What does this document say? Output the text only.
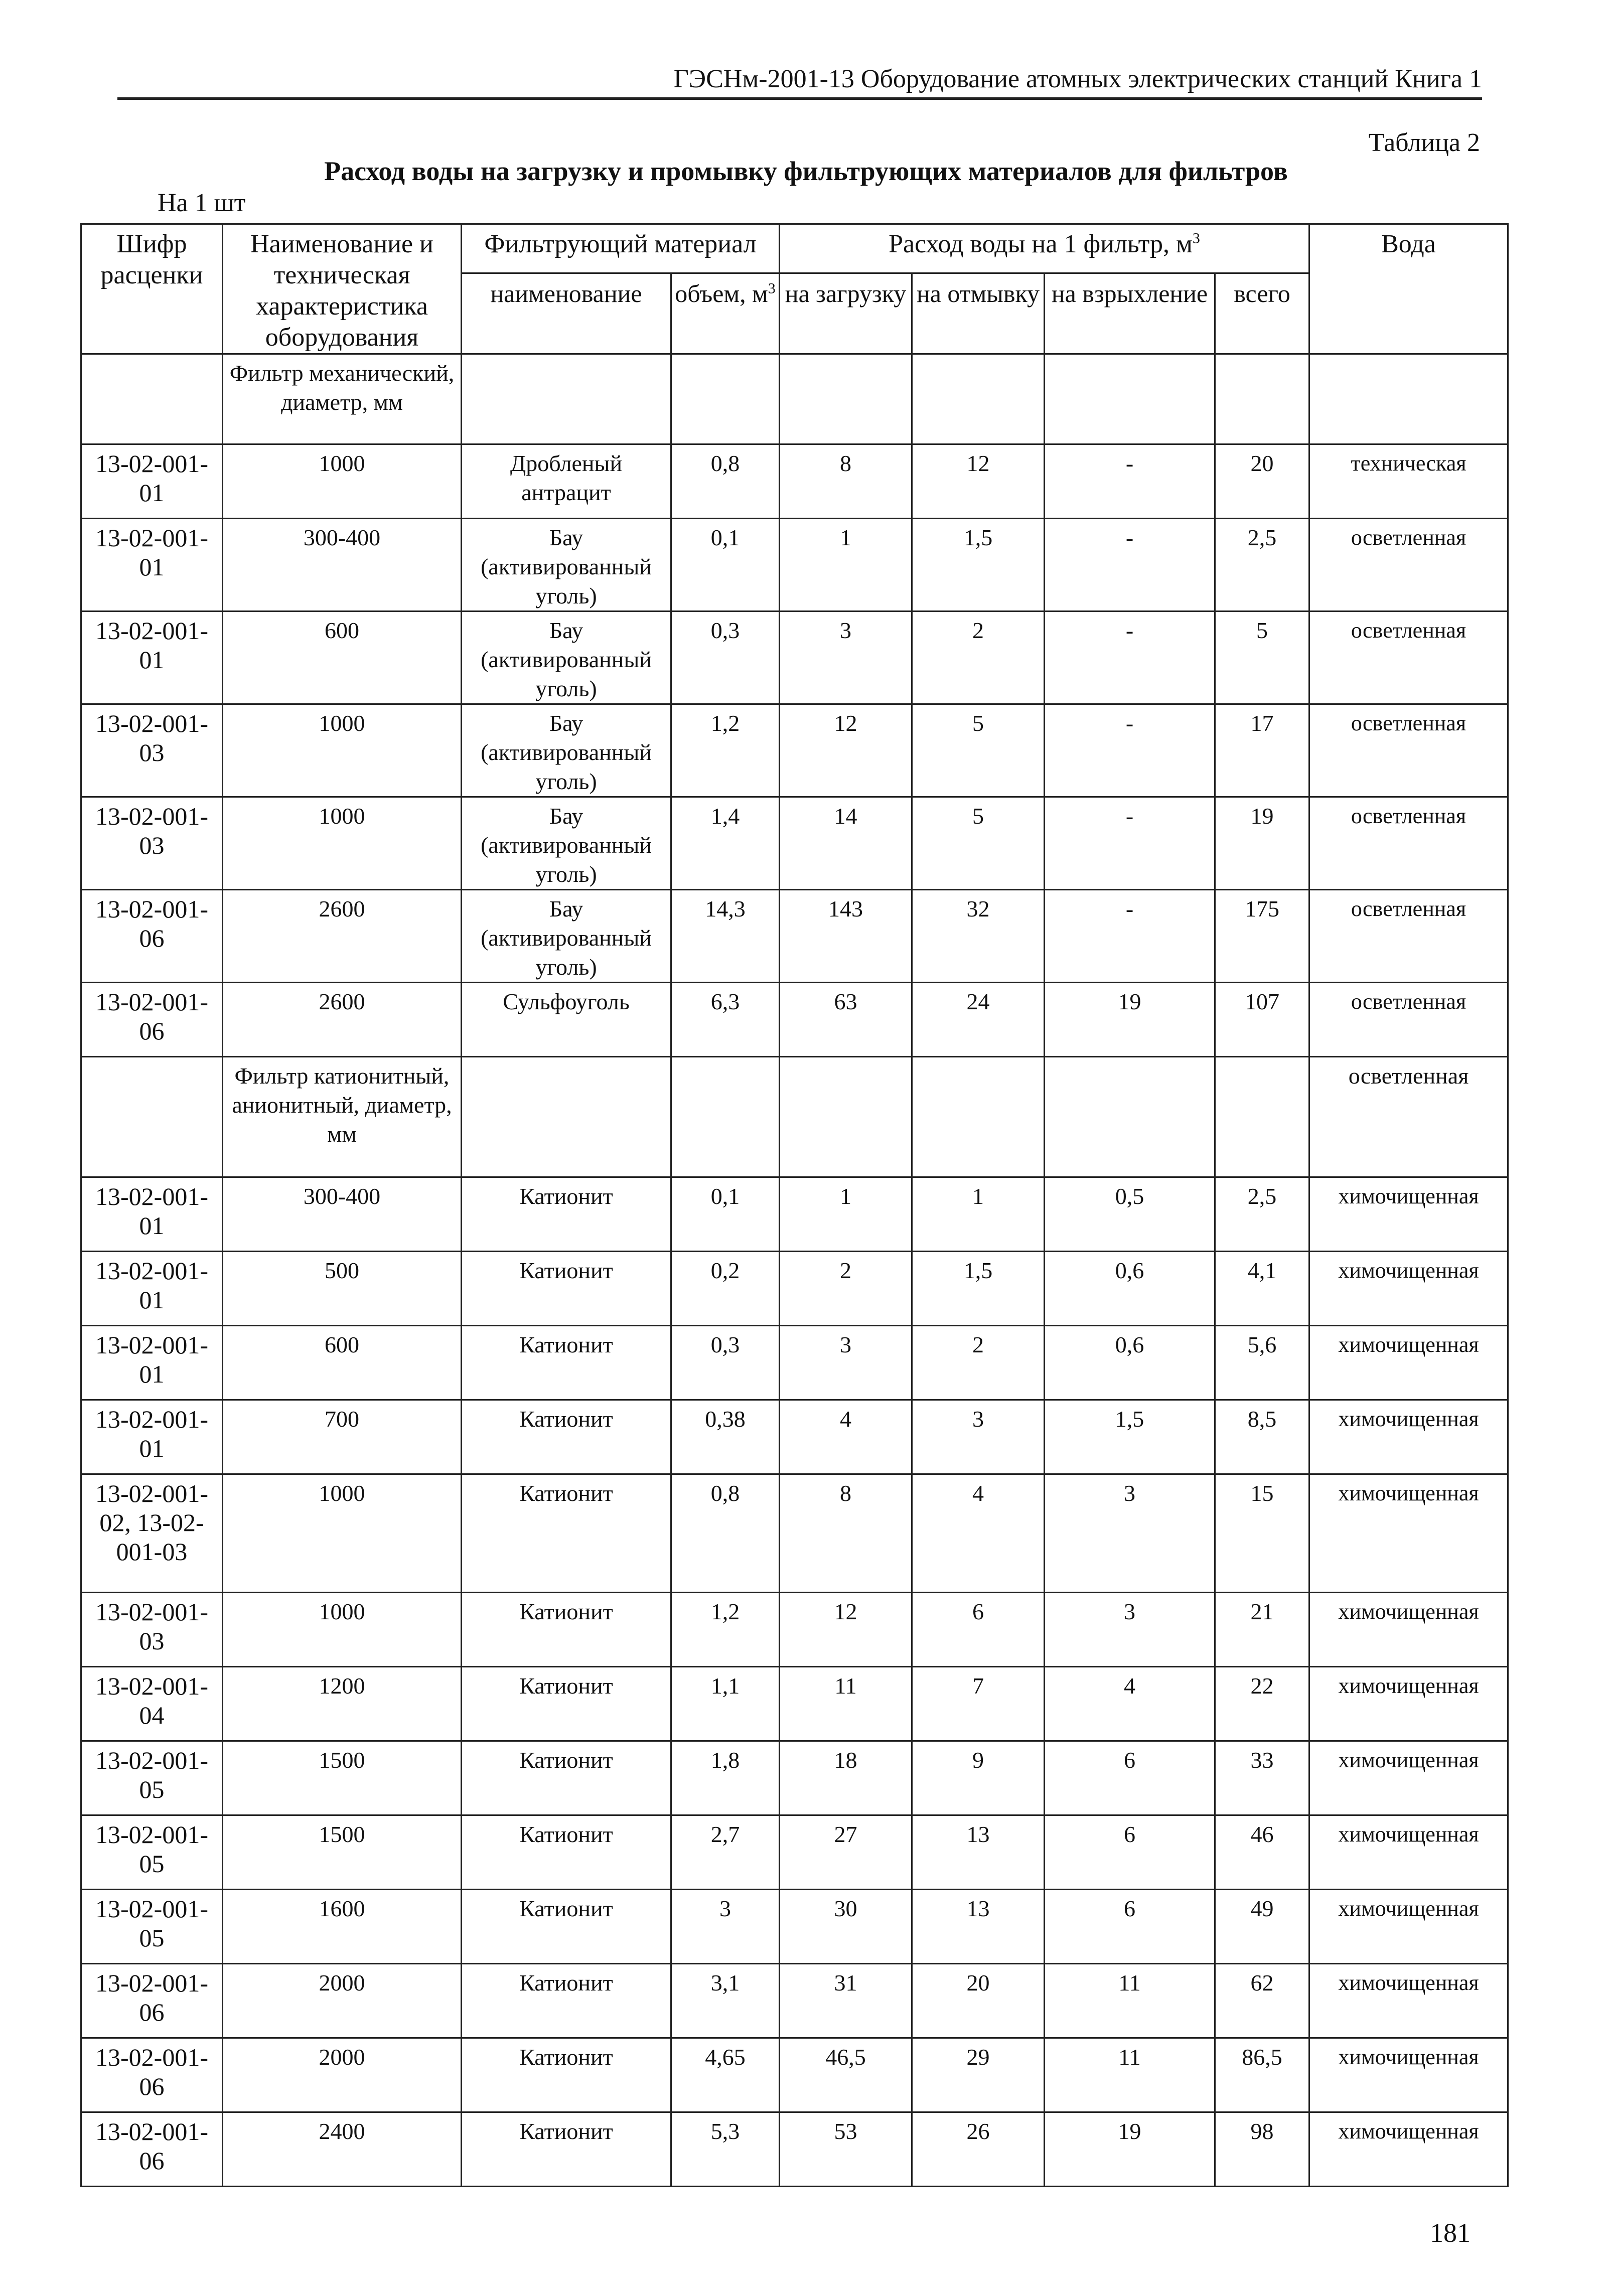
ГЭСНм-2001-13 Оборудование атомных электрических станций Книга 1
Таблица 2
Расход воды на загрузку и промывку фильтрующих материалов для фильтров
На 1 шт
Шифр расценки	Наименование и техническая характеристика оборудования	Фильтрующий материал		Расход воды на 1 фильтр, $м^3$				Вода
		наименование	объем, $м^3$	на загрузку	на отмывку	на взрыхление	всего	
	Фильтр механический, диаметр, мм							
13-02-001-01	1000	Дробленый антрацит	0,8	8	12	-	20	техническая
13-02-001-01	300-400	Бау (активированный уголь)	0,1	1	1,5	-	2,5	осветленная
13-02-001-01	600	Бау (активированный уголь)	0,3	3	2	-	5	осветленная
13-02-001-03	1000	Бау (активированный уголь)	1,2	12	5	-	17	осветленная
13-02-001-03	1000	Бау (активированный уголь)	1,4	14	5	-	19	осветленная
13-02-001-06	2600	Бау (активированный уголь)	14,3	143	32	-	175	осветленная
13-02-001-06	2600	Сульфоуголь	6,3	63	24	19	107	осветленная
	Фильтр катионитный, анионитный, диаметр, мм							осветленная
13-02-001-01	300-400	Катионит	0,1	1	1	0,5	2,5	химочищенная
13-02-001-01	500	Катионит	0,2	2	1,5	0,6	4,1	химочищенная
13-02-001-01	600	Катионит	0,3	3	2	0,6	5,6	химочищенная
13-02-001-01	700	Катионит	0,38	4	3	1,5	8,5	химочищенная
13-02-001-02, 13-02-001-03	1000	Катионит	0,8	8	4	3	15	химочищенная
13-02-001-03	1000	Катионит	1,2	12	6	3	21	химочищенная
13-02-001-04	1200	Катионит	1,1	11	7	4	22	химочищенная
13-02-001-05	1500	Катионит	1,8	18	9	6	33	химочищенная
13-02-001-05	1500	Катионит	2,7	27	13	6	46	химочищенная
13-02-001-05	1600	Катионит	3	30	13	6	49	химочищенная
13-02-001-06	2000	Катионит	3,1	31	20	11	62	химочищенная
13-02-001-06	2000	Катионит	4,65	46,5	29	11	86,5	химочищенная
13-02-001-06	2400	Катионит	5,3	53	26	19	98	химочищенная
181
